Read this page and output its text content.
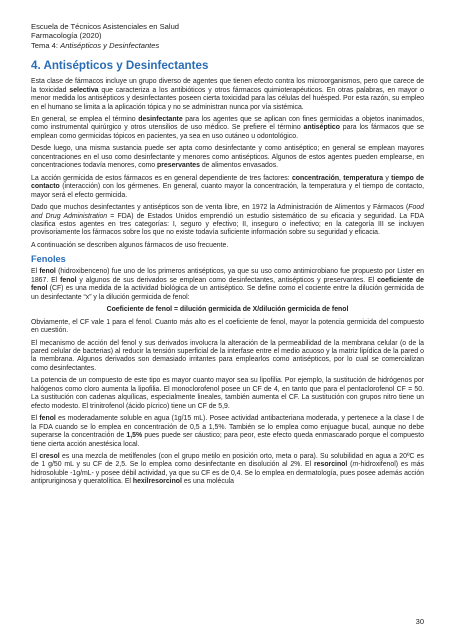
Escuela de Técnicos Asistenciales en Salud
Farmacología (2020)
Tema 4: Antisépticos y Desinfectantes
4. Antisépticos y Desinfectantes

Esta clase de fármacos incluye un grupo diverso de agentes que tienen efecto contra los microorganismos, pero que carece de la toxicidad selectiva que caracteriza a los antibióticos y otros fármacos quimioterapéuticos. En otras palabras, en mayor o menor medida los antisépticos y desinfectantes poseen cierta toxicidad para las células del huésped. Por esta razón, su empleo en el humano se limita a la aplicación tópica y no se administran nunca por vía sistémica.

En general, se emplea el término desinfectante para los agentes que se aplican con fines germicidas a objetos inanimados, como instrumental quirúrgico y otros utensilios de uso médico. Se prefiere el término antiséptico para los fármacos que se emplean como germicidas tópicos en pacientes, ya sea en uso cutáneo u odontológico.

Desde luego, una misma sustancia puede ser apta como desinfectante y como antiséptico; en general se emplean mayores concentraciones en el uso como desinfectante y menores como antisépticos. Algunos de estos agentes pueden emplearse, en concentraciones todavía menores, como preservantes de alimentos envasados.

La acción germicida de estos fármacos es en general dependiente de tres factores: concentración, temperatura y tiempo de contacto (interacción) con los gérmenes. En general, cuanto mayor la concentración, la temperatura y el tiempo de contacto, mayor será el efecto germicida.

Dado que muchos desinfectantes y antisépticos son de venta libre, en 1972 la Administración de Alimentos y Fármacos (Food and Drug Administration = FDA) de Estados Unidos emprendió un estudio sistemático de su eficacia y seguridad. La FDA clasifica estos agentes en tres categorías: I, seguro y efectivo; II, inseguro o inefectivo; en la categoría III se incluyen provisoriamente los fármacos sobre los que no existe todavía suficiente información sobre su seguridad y eficacia.

A continuación se describen algunos fármacos de uso frecuente.

Fenoles

El fenol (hidroxibenceno) fue uno de los primeros antisépticos, ya que su uso como antimicrobiano fue propuesto por Lister en 1867. El fenol y algunos de sus derivados se emplean como desinfectantes, antisépticos y preservantes. El coeficiente de fenol (CF) es una medida de la actividad biológica de un antiséptico. Se define como el cociente entre la dilución germicida de un desinfectante “x” y la dilución germicida de fenol:

Coeficiente de fenol = dilución germicida de X/dilución germicida de fenol

Obviamente, el CF vale 1 para el fenol. Cuanto más alto es el coeficiente de fenol, mayor la potencia germicida del compuesto en cuestión.

El mecanismo de acción del fenol y sus derivados involucra la alteración de la permeabilidad de la membrana celular (o de la pared celular de bacterias) al reducir la tensión superficial de la interfase entre el medio acuoso y la matriz lipídica de la pared o la membrana. Algunos derivados son demasiado irritantes para emplearlos como antisépticos, por lo cual se comercializan como desinfectantes.

La potencia de un compuesto de este tipo es mayor cuanto mayor sea su lipofilia. Por ejemplo, la sustitución de hidrógenos por halógenos como cloro aumenta la lipofilia. El monoclorofenol posee un CF de 4, en tanto que para el pentaclorofenol CF = 50. La sustitución con cadenas alquílicas, especialmente lineales, también aumenta el CF. La sustitución con grupos nitro tiene un efecto modesto. El trinitrofenol (ácido pícrico) tiene un CF de 5,9.

El fenol es moderadamente soluble en agua (1g/15 mL). Posee actividad antibacteriana moderada, y pertenece a la clase I de la FDA cuando se lo emplea en concentración de 0,5 a 1,5%. También se lo emplea como enjuague bucal, aunque no debe superarse la concentración de 1,5% pues puede ser cáustico; para peor, este efecto queda enmascarado porque el compuesto tiene cierta acción anestésica local.

El cresol es una mezcla de metilfenoles (con el grupo metilo en posición orto, meta o para). Su solubilidad en agua a 20ºC es de 1 g/50 mL y su CF de 2,5. Se lo emplea como desinfectante en disolución al 2%. El resorcinol (m-hidroxifenol) es más hidrosoluble -1g/mL- y posee débil actividad, ya que su CF es de 0,4. Se lo emplea en dermatología, pues posee además acción antipruriginosa y queratolítica. El hexilresorcinol es una molécula

30
